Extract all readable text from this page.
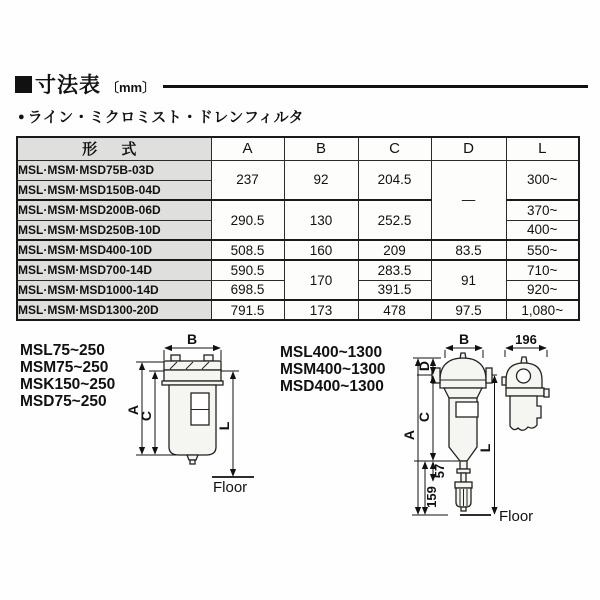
寸法表 〔mm〕
● ライン・ミクロミスト・ドレンフィルタ
形 式	A	B	C	D	L
MSL·MSM·MSD75B-03D	237	92	204.5	—	300~
MSL·MSM·MSD150B-04D					
MSL·MSM·MSD200B-06D	290.5	130	252.5		370~
MSL·MSM·MSD250B-10D					400~
MSL·MSM·MSD400-10D	508.5	160	209	83.5	550~
MSL·MSM·MSD700-14D	590.5	170	283.5	91	710~
MSL·MSM·MSD1000-14D	698.5		391.5		920~
MSL·MSM·MSD1300-20D	791.5	173	478	97.5	1,080~
MSL75~250
MSM75~250
MSK150~250
MSD75~250
B
A
C
L
Floor
MSL400~1300
MSM400~1300
MSD400~1300
B
A
D
C
57
159
L
Floor
196
